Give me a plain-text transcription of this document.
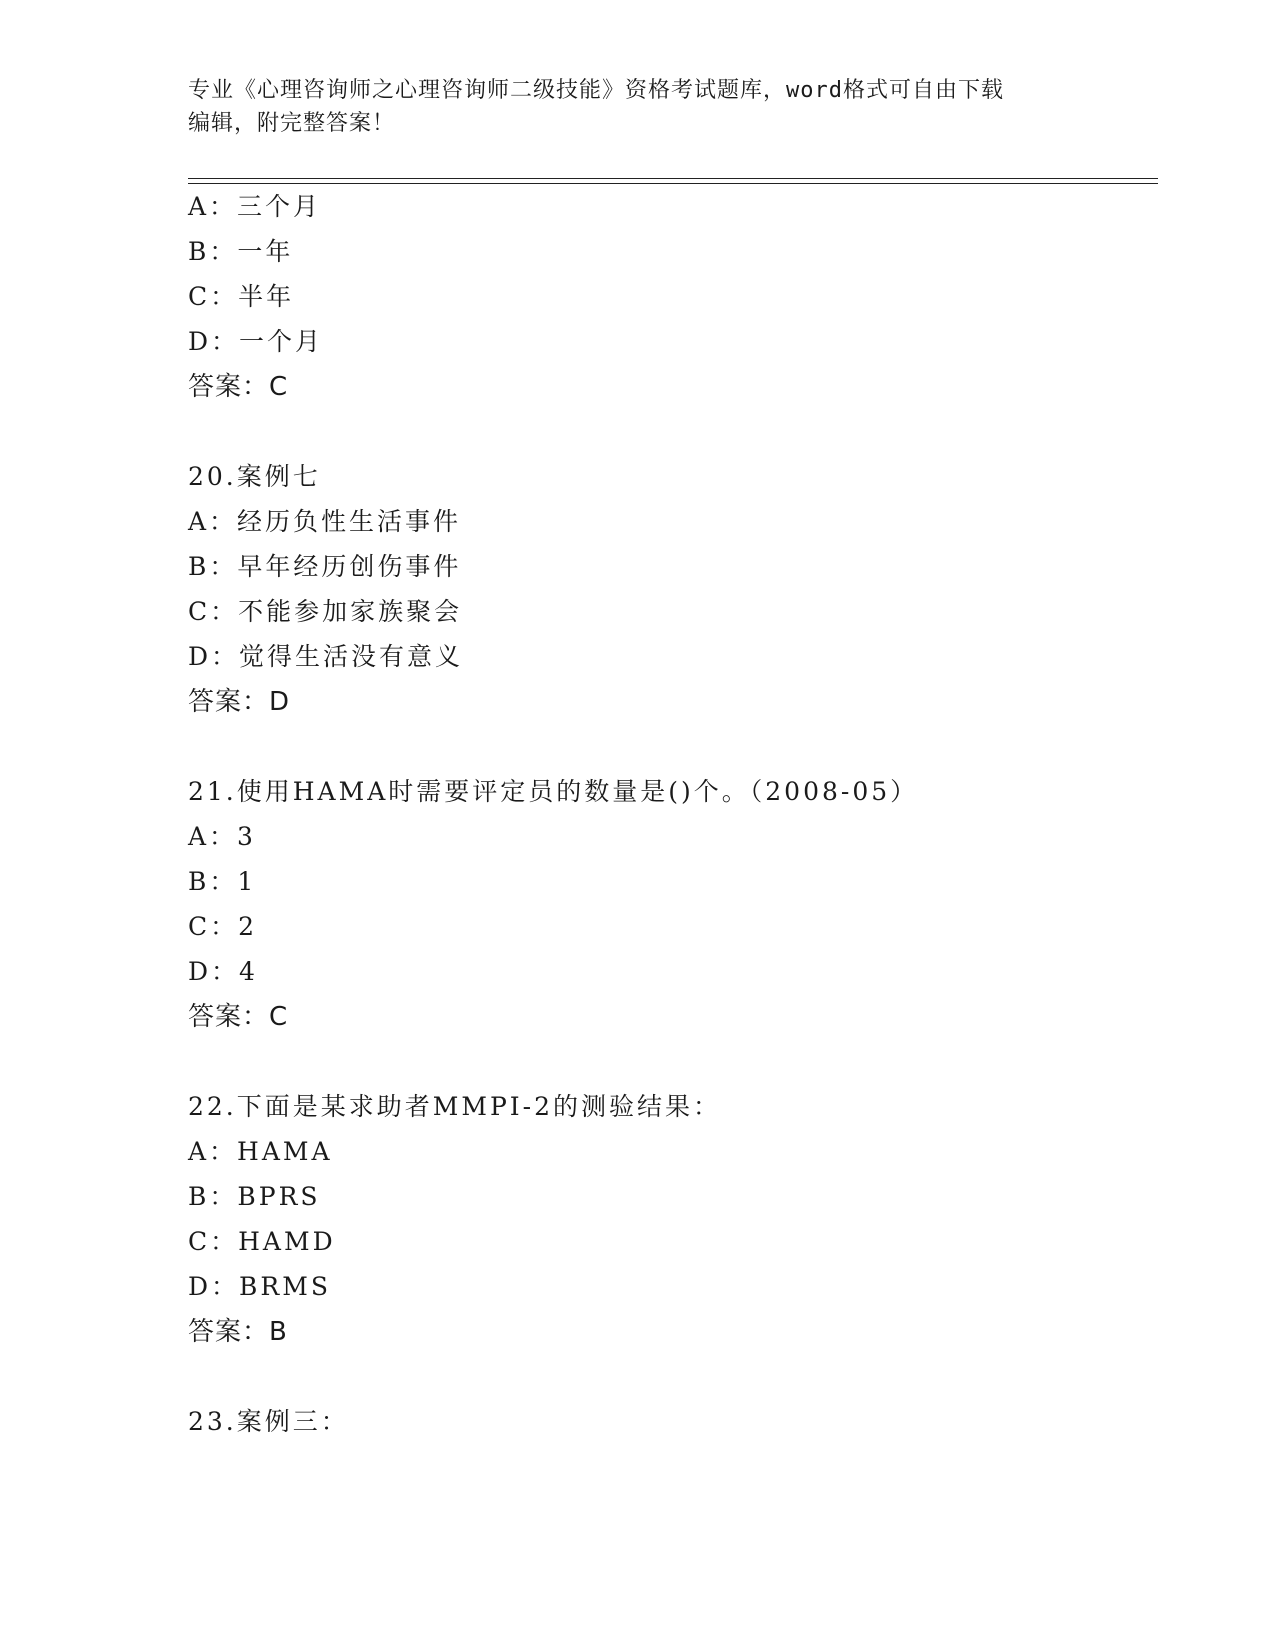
专业《心理咨询师之心理咨询师二级技能》资格考试题库，word格式可自由下载
编辑，附完整答案！
A：三个月
B：一年
C：半年
D：一个月
答案：C
20.案例七
A：经历负性生活事件
B：早年经历创伤事件
C：不能参加家族聚会
D：觉得生活没有意义
答案：D
21.使用HAMA时需要评定员的数量是()个。（2008-05）
A：3
B：1
C：2
D：4
答案：C
22.下面是某求助者MMPI-2的测验结果：
A：HAMA
B：BPRS
C：HAMD
D：BRMS
答案：B
23.案例三：
